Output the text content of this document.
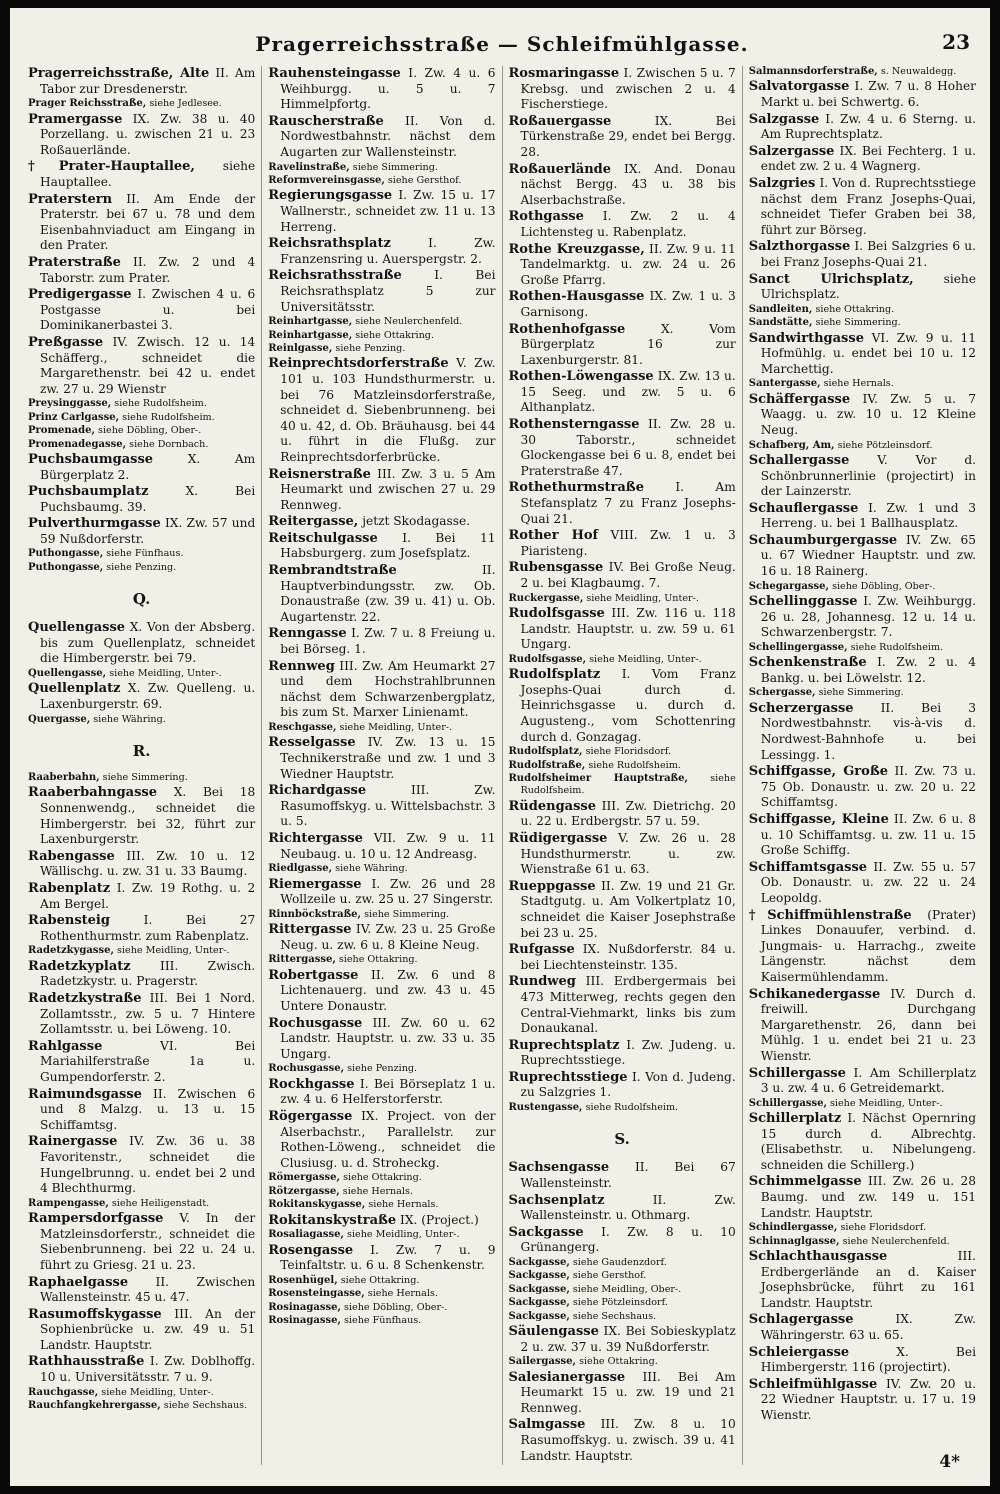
Pragerreichsstraße — Schleifmühlgasse.	23
Pragerreichsstraße, Alte II. Am Tabor zur Dresdenerstr.
Prager Reichsstraße, siehe Jedlesee.
Pramergasse IX. Zw. 38 u. 40 Porzellang. u. zwischen 21 u. 23 Roßauerlände.
†Prater-Hauptallee, siehe Hauptallee.
Praterstern II. Am Ende der Praterstr. bei 67 u. 78 und dem Eisenbahnviaduct am Eingang in den Prater.
Praterstraße II. Zw. 2 und 4 Taborstr. zum Prater.
Predigergasse I. Zwischen 4 u. 6 Postgasse u. bei Dominikanerbastei 3.
Preßgasse IV. Zwisch. 12 u. 14 Schäfferg., schneidet die Margarethenstr. bei 42 u. endet zw. 27 u. 29 Wienstr
Preysinggasse, siehe Rudolfsheim.
Prinz Carlgasse, siehe Rudolfsheim.
Promenade, siehe Döbling, Ober-.
Promenadegasse, siehe Dornbach.
Puchsbaumgasse X. Am Bürgerplatz 2.
Puchsbaumplatz X. Bei Puchsbaumg. 39.
Pulverthurmgasse IX. Zw. 57 und 59 Nußdorferstr.
Puthongasse, siehe Fünfhaus.
Puthongasse, siehe Penzing.
Q.
Quellengasse X. Von der Absberg. bis zum Quellenplatz, schneidet die Himbergerstr. bei 79.
Quellengasse, siehe Meidling, Unter-.
Quellenplatz X. Zw. Quelleng. u. Laxenburgerstr. 69.
Quergasse, siehe Währing.
R.
Raaberbahn, siehe Simmering.
Raaberbahngasse X. Bei 18 Sonnenwendg., schneidet die Himbergerstr. bei 32, führt zur Laxenburgerstr.
Rabengasse III. Zw. 10 u. 12 Wällischg. u. zw. 31 u. 33 Baumg.
Rabenplatz I. Zw. 19 Rothg. u. 2 Am Bergel.
Rabensteig I. Bei 27 Rothenthurmstr. zum Rabenplatz.
Radetzkygasse, siehe Meidling, Unter-.
Radetzkyplatz III. Zwisch. Radetzkystr. u. Pragerstr.
Radetzkystraße III. Bei 1 Nord. Zollamtsstr., zw. 5 u. 7 Hintere Zollamtsstr. u. bei Löweng. 10.
Rahlgasse VI. Bei Mariahilferstraße 1a u. Gumpendorferstr. 2.
Raimundsgasse II. Zwischen 6 und 8 Malzg. u. 13 u. 15 Schiffamtsg.
Rainergasse IV. Zw. 36 u. 38 Favoritenstr., schneidet die Hungelbrunng. u. endet bei 2 und 4 Blechthurmg.
Rampengasse, siehe Heiligenstadt.
Rampersdorfgasse V. In der Matzleinsdorferstr., schneidet die Siebenbrunneng. bei 22 u. 24 u. führt zu Griesg. 21 u. 23.
Raphaelgasse II. Zwischen Wallensteinstr. 45 u. 47.
Rasumoffskygasse III. An der Sophienbrücke u. zw. 49 u. 51 Landstr. Hauptstr.
Rathhausstraße I. Zw. Doblhoffg. 10 u. Universitätsstr. 7 u. 9.
Rauchgasse, siehe Meidling, Unter-.
Rauchfangkehrergasse, siehe Sechshaus.
Rauhensteingasse I. Zw. 4 u. 6 Weihburgg. u. 5 u. 7 Himmelpfortg.
Rauscherstraße II. Von d. Nordwestbahnstr. nächst dem Augarten zur Wallensteinstr.
Ravelinstraße, siehe Simmering.
Reformvereinsgasse, siehe Gersthof.
Regierungsgasse I. Zw. 15 u. 17 Wallnerstr., schneidet zw. 11 u. 13 Herreng.
Reichsrathsplatz I. Zw. Franzensring u. Auerspergstr. 2.
Reichsrathsstraße I. Bei Reichsrathsplatz 5 zur Universitätsstr.
Reinhartgasse, siehe Neulerchenfeld.
Reinhartgasse, siehe Ottakring.
Reinlgasse, siehe Penzing.
Reinprechtsdorferstraße V. Zw. 101 u. 103 Hundsthurmerstr. u. bei 76 Matzleinsdorferstraße, schneidet d. Siebenbrunneng. bei 40 u. 42, d. Ob. Bräuhausg. bei 44 u. führt in die Flußg. zur Reinprechtsdorferbrücke.
Reisnerstraße III. Zw. 3 u. 5 Am Heumarkt und zwischen 27 u. 29 Rennweg.
Reitergasse, jetzt Skodagasse.
Reitschulgasse I. Bei 11 Habsburgerg. zum Josefsplatz.
Rembrandtstraße II. Hauptverbindungsstr. zw. Ob. Donaustraße (zw. 39 u. 41) u. Ob. Augartenstr. 22.
Renngasse I. Zw. 7 u. 8 Freiung u. bei Börseg. 1.
Rennweg III. Zw. Am Heumarkt 27 und dem Hochstrahlbrunnen nächst dem Schwarzenbergplatz, bis zum St. Marxer Linienamt.
Reschgasse, siehe Meidling, Unter-.
Resselgasse IV. Zw. 13 u. 15 Technikerstraße und zw. 1 und 3 Wiedner Hauptstr.
Richardgasse III. Zw. Rasumoffskyg. u. Wittelsbachstr. 3 u. 5.
Richtergasse VII. Zw. 9 u. 11 Neubaug. u. 10 u. 12 Andreasg.
Riedlgasse, siehe Währing.
Riemergasse I. Zw. 26 und 28 Wollzeile u. zw. 25 u. 27 Singerstr.
Rinnböckstraße, siehe Simmering.
Rittergasse IV. Zw. 23 u. 25 Große Neug. u. zw. 6 u. 8 Kleine Neug.
Rittergasse, siehe Ottakring.
Robertgasse II. Zw. 6 und 8 Lichtenauerg. und zw. 43 u. 45 Untere Donaustr.
Rochusgasse III. Zw. 60 u. 62 Landstr. Hauptstr. u. zw. 33 u. 35 Ungarg.
Rochusgasse, siehe Penzing.
Rockhgasse I. Bei Börseplatz 1 u. zw. 4 u. 6 Helferstorferstr.
Rögergasse IX. Project. von der Alserbachstr., Parallelstr. zur Rothen-Löweng., schneidet die Clusiusg. u. d. Stroheckg.
Römergasse, siehe Ottakring.
Rötzergasse, siehe Hernals.
Rokitanskygasse, siehe Hernals.
Rokitanskystraße IX. (Project.)
Rosaliagasse, siehe Meidling, Unter-.
Rosengasse I. Zw. 7 u. 9 Teinfaltstr. u. 6 u. 8 Schenkenstr.
Rosenhügel, siehe Ottakring.
Rosensteingasse, siehe Hernals.
Rosinagasse, siehe Döbling, Ober-.
Rosinagasse, siehe Fünfhaus.
Rosmaringasse I. Zwischen 5 u. 7 Krebsg. und zwischen 2 u. 4 Fischerstiege.
Roßauergasse IX. Bei Türkenstraße 29, endet bei Bergg. 28.
Roßauerlände IX. And. Donau nächst Bergg. 43 u. 38 bis Alserbachstraße.
Rothgasse I. Zw. 2 u. 4 Lichtensteg u. Rabenplatz.
Rothe Kreuzgasse, II. Zw. 9 u. 11 Tandelmarktg. u. zw. 24 u. 26 Große Pfarrg.
Rothen-Hausgasse IX. Zw. 1 u. 3 Garnisong.
Rothenhofgasse X. Vom Bürgerplatz 16 zur Laxenburgerstr. 81.
Rothen-Löwengasse IX. Zw. 13 u. 15 Seeg. und zw. 5 u. 6 Althanplatz.
Rothensterngasse II. Zw. 28 u. 30 Taborstr., schneidet Glockengasse bei 6 u. 8, endet bei Praterstraße 47.
Rothethurmstraße I. Am Stefansplatz 7 zu Franz Josephs-Quai 21.
Rother Hof VIII. Zw. 1 u. 3 Piaristeng.
Rubensgasse IV. Bei Große Neug. 2 u. bei Klagbaumg. 7.
Ruckergasse, siehe Meidling, Unter-.
Rudolfsgasse III. Zw. 116 u. 118 Landstr. Hauptstr. u. zw. 59 u. 61 Ungarg.
Rudolfsgasse, siehe Meidling, Unter-.
Rudolfsplatz I. Vom Franz Josephs-Quai durch d. Heinrichsgasse u. durch d. Augusteng., vom Schottenring durch d. Gonzagag.
Rudolfsplatz, siehe Floridsdorf.
Rudolfstraße, siehe Rudolfsheim.
Rudolfsheimer Hauptstraße, siehe Rudolfsheim.
Rüdengasse III. Zw. Dietrichg. 20 u. 22 u. Erdbergstr. 57 u. 59.
Rüdigergasse V. Zw. 26 u. 28 Hundsthurmerstr. u. zw. Wienstraße 61 u. 63.
Rueppgasse II. Zw. 19 und 21 Gr. Stadtgutg. u. Am Volkertplatz 10, schneidet die Kaiser Josephstraße bei 23 u. 25.
Rufgasse IX. Nußdorferstr. 84 u. bei Liechtensteinstr. 135.
Rundweg III. Erdbergermais bei 473 Mitterweg, rechts gegen den Central-Viehmarkt, links bis zum Donaukanal.
Ruprechtsplatz I. Zw. Judeng. u. Ruprechtsstiege.
Ruprechtsstiege I. Von d. Judeng. zu Salzgries 1.
Rustengasse, siehe Rudolfsheim.
S.
Sachsengasse II. Bei 67 Wallensteinstr.
Sachsenplatz II. Zw. Wallensteinstr. u. Othmarg.
Sackgasse I. Zw. 8 u. 10 Grünangerg.
Sackgasse, siehe Gaudenzdorf.
Sackgasse, siehe Gersthof.
Sackgasse, siehe Meidling, Ober-.
Sackgasse, siehe Pötzleinsdorf.
Sackgasse, siehe Sechshaus.
Säulengasse IX. Bei Sobieskyplatz 2 u. zw. 37 u. 39 Nußdorferstr.
Sailergasse, siehe Ottakring.
Salesianergasse III. Bei Am Heumarkt 15 u. zw. 19 und 21 Rennweg.
Salmgasse III. Zw. 8 u. 10 Rasumoffskyg. u. zwisch. 39 u. 41 Landstr. Hauptstr.
Salmannsdorferstraße, s. Neuwaldegg.
Salvatorgasse I. Zw. 7 u. 8 Hoher Markt u. bei Schwertg. 6.
Salzgasse I. Zw. 4 u. 6 Sterng. u. Am Ruprechtsplatz.
Salzergasse IX. Bei Fechterg. 1 u. endet zw. 2 u. 4 Wagnerg.
Salzgries I. Von d. Ruprechtsstiege nächst dem Franz Josephs-Quai, schneidet Tiefer Graben bei 38, führt zur Börseg.
Salzthorgasse I. Bei Salzgries 6 u. bei Franz Josephs-Quai 21.
Sanct Ulrichsplatz, siehe Ulrichsplatz.
Sandleiten, siehe Ottakring.
Sandstätte, siehe Simmering.
Sandwirthgasse VI. Zw. 9 u. 11 Hofmühlg. u. endet bei 10 u. 12 Marchettig.
Santergasse, siehe Hernals.
Schäffergasse IV. Zw. 5 u. 7 Waagg. u. zw. 10 u. 12 Kleine Neug.
Schafberg, Am, siehe Pötzleinsdorf.
Schallergasse V. Vor d. Schönbrunnerlinie (projectirt) in der Lainzerstr.
Schauflergasse I. Zw. 1 und 3 Herreng. u. bei 1 Ballhausplatz.
Schaumburgergasse IV. Zw. 65 u. 67 Wiedner Hauptstr. und zw. 16 u. 18 Rainerg.
Schegargasse, siehe Döbling, Ober-.
Schellinggasse I. Zw. Weihburgg. 26 u. 28, Johannesg. 12 u. 14 u. Schwarzenbergstr. 7.
Schellingergasse, siehe Rudolfsheim.
Schenkenstraße I. Zw. 2 u. 4 Bankg. u. bei Löwelstr. 12.
Schergasse, siehe Simmering.
Scherzergasse II. Bei 3 Nordwestbahnstr. vis-à-vis d. Nordwest-Bahnhofe u. bei Lessingg. 1.
Schiffgasse, Große II. Zw. 73 u. 75 Ob. Donaustr. u. zw. 20 u. 22 Schiffamtsg.
Schiffgasse, Kleine II. Zw. 6 u. 8 u. 10 Schiffamtsg. u. zw. 11 u. 15 Große Schiffg.
Schiffamtsgasse II. Zw. 55 u. 57 Ob. Donaustr. u. zw. 22 u. 24 Leopoldg.
†Schiffmühlenstraße (Prater) Linkes Donauufer, verbind. d. Jungmais- u. Harrachg., zweite Längenstr. nächst dem Kaisermühlendamm.
Schikanedergasse IV. Durch d. freiwill. Durchgang Margarethenstr. 26, dann bei Mühlg. 1 u. endet bei 21 u. 23 Wienstr.
Schillergasse I. Am Schillerplatz 3 u. zw. 4 u. 6 Getreidemarkt.
Schillergasse, siehe Meidling, Unter-.
Schillerplatz I. Nächst Opernring 15 durch d. Albrechtg. (Elisabethstr. u. Nibelungeng. schneiden die Schillerg.)
Schimmelgasse III. Zw. 26 u. 28 Baumg. und zw. 149 u. 151 Landstr. Hauptstr.
Schindlergasse, siehe Floridsdorf.
Schinnaglgasse, siehe Neulerchenfeld.
Schlachthausgasse III. Erdbergerlände an d. Kaiser Josephsbrücke, führt zu 161 Landstr. Hauptstr.
Schlagergasse IX. Zw. Währingerstr. 63 u. 65.
Schleiergasse X. Bei Himbergerstr. 116 (projectirt).
Schleifmühlgasse IV. Zw. 20 u. 22 Wiedner Hauptstr. u. 17 u. 19 Wienstr.
4*
